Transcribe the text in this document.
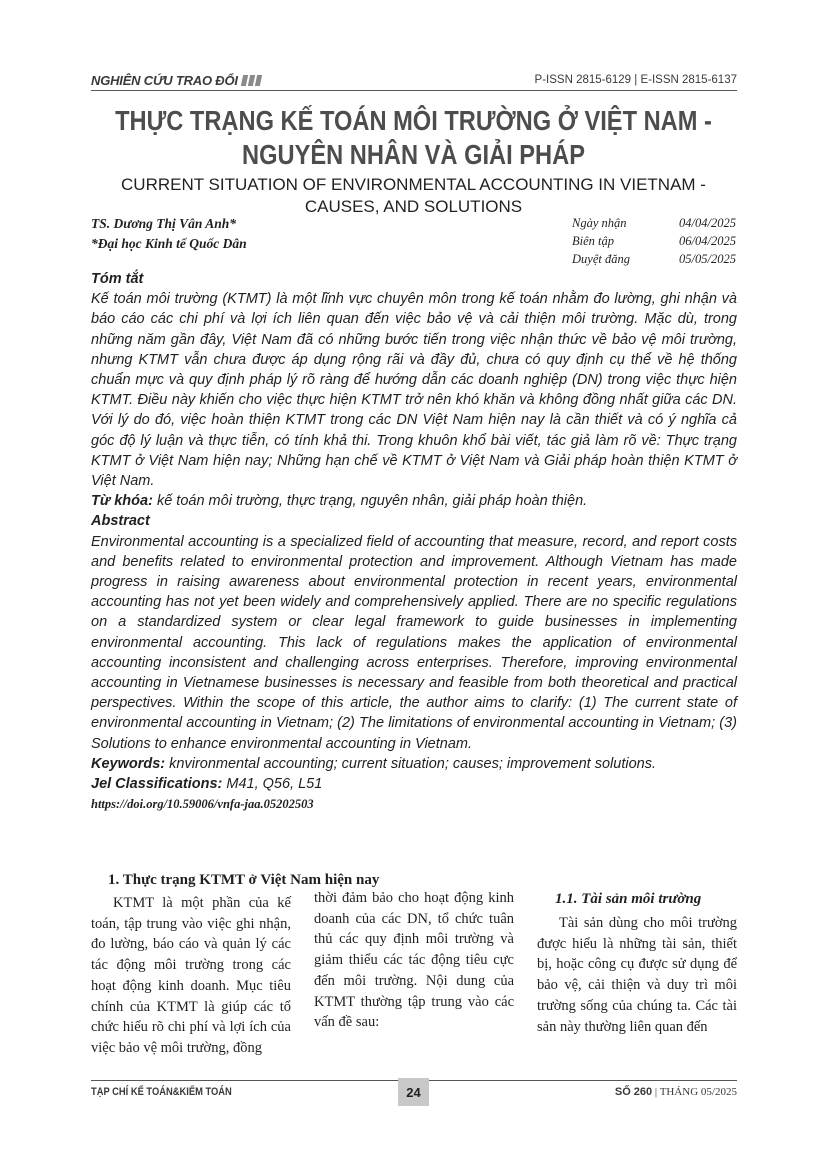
NGHIÊN CỨU TRAO ĐỔI	P-ISSN 2815-6129 | E-ISSN 2815-6137
THỰC TRẠNG KẾ TOÁN MÔI TRƯỜNG Ở VIỆT NAM -
NGUYÊN NHÂN VÀ GIẢI PHÁP
CURRENT SITUATION OF ENVIRONMENTAL ACCOUNTING IN VIETNAM -
CAUSES, AND SOLUTIONS
TS. Dương Thị Vân Anh*
*Đại học Kinh tế Quốc Dân
Ngày nhận	04/04/2025
Biên tập	06/04/2025
Duyệt đăng	05/05/2025

Tóm tắt

Kế toán môi trường (KTMT) là một lĩnh vực chuyên môn trong kế toán nhằm đo lường, ghi nhận và báo cáo các chi phí và lợi ích liên quan đến việc bảo vệ và cải thiện môi trường. Mặc dù, trong những năm gần đây, Việt Nam đã có những bước tiến trong việc nhận thức về bảo vệ môi trường, nhưng KTMT vẫn chưa được áp dụng rộng rãi và đầy đủ, chưa có quy định cụ thể về hệ thống chuẩn mực và quy định pháp lý rõ ràng để hướng dẫn các doanh nghiệp (DN) trong việc thực hiện KTMT. Điều này khiến cho việc thực hiện KTMT trở nên khó khăn và không đồng nhất giữa các DN. Với lý do đó, việc hoàn thiện KTMT trong các DN Việt Nam hiện nay là cần thiết và có ý nghĩa cả góc độ lý luận và thực tiễn, có tính khả thi. Trong khuôn khổ bài viết, tác giả làm rõ về: Thực trạng KTMT ở Việt Nam hiện nay; Những hạn chế về KTMT ở Việt Nam và Giải pháp hoàn thiện KTMT ở Việt Nam.

Từ khóa: kế toán môi trường, thực trạng, nguyên nhân, giải pháp hoàn thiện.

Abstract

Environmental accounting is a specialized field of accounting that measure, record, and report costs and benefits related to environmental protection and improvement. Although Vietnam has made progress in raising awareness about environmental protection in recent years, environmental accounting has not yet been widely and comprehensively applied. There are no specific regulations on a standardized system or clear legal framework to guide businesses in implementing environmental accounting. This lack of regulations makes the application of environmental accounting inconsistent and challenging across enterprises. Therefore, improving environmental accounting in Vietnamese businesses is necessary and feasible from both theoretical and practical perspectives. Within the scope of this article, the author aims to clarify: (1) The current state of environmental accounting in Vietnam; (2) The limitations of environmental accounting in Vietnam; (3) Solutions to enhance environmental accounting in Vietnam.

Keywords: knvironmental accounting; current situation; causes; improvement solutions.

Jel Classifications: M41, Q56, L51

https://doi.org/10.59006/vnfa-jaa.05202503

1. Thực trạng KTMT ở Việt Nam hiện nay
KTMT là một phần của kế toán, tập trung vào việc ghi nhận, đo lường, báo cáo và quản lý các tác động môi trường trong các hoạt động kinh doanh. Mục tiêu chính của KTMT là giúp các tổ chức hiểu rõ chi phí và lợi ích của việc bảo vệ môi trường, đồng
thời đảm bảo cho hoạt động kinh doanh của các DN, tổ chức tuân thủ các quy định môi trường và giảm thiểu các tác động tiêu cực đến môi trường. Nội dung của KTMT thường tập trung vào các vấn đề sau:
1.1. Tài sản môi trường
Tài sản dùng cho môi trường được hiểu là những tài sản, thiết bị, hoặc công cụ được sử dụng để bảo vệ, cải thiện và duy trì môi trường sống của chúng ta. Các tài sản này thường liên quan đến
TẠP CHÍ KẾ TOÁN&KIỂM TOÁN	24	SỐ 260 | THÁNG 05/2025
